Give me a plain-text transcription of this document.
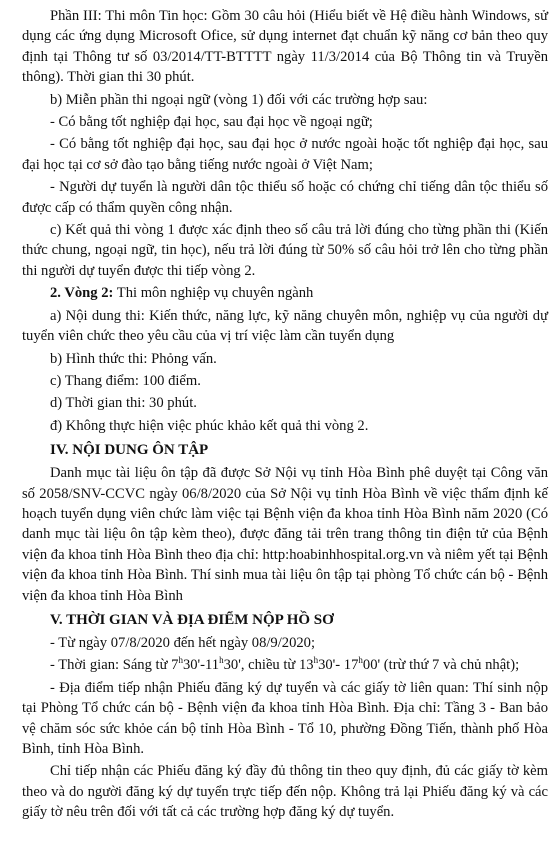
Phần III: Thi môn Tin học: Gồm 30 câu hỏi (Hiểu biết về Hệ điều hành Windows, sử dụng các ứng dụng Microsoft Ofice, sử dụng internet đạt chuẩn kỹ năng cơ bản theo quy định tại Thông tư số 03/2014/TT-BTTTT ngày 11/3/2014 của Bộ Thông tin và Truyền thông). Thời gian thi 30 phút.

b) Miễn phần thi ngoại ngữ (vòng 1) đối với các trường hợp sau:

- Có bằng tốt nghiệp đại học, sau đại học về ngoại ngữ;

- Có bằng tốt nghiệp đại học, sau đại học ở nước ngoài hoặc tốt nghiệp đại học, sau đại học tại cơ sở đào tạo bằng tiếng nước ngoài ở Việt Nam;

- Người dự tuyển là người dân tộc thiểu số hoặc có chứng chỉ tiếng dân tộc thiểu số được cấp có thẩm quyền công nhận.

c) Kết quả thi vòng 1 được xác định theo số câu trả lời đúng cho từng phần thi (Kiến thức chung, ngoại ngữ, tin học), nếu trả lời đúng từ 50% số câu hỏi trở lên cho từng phần thi người dự tuyển được thi tiếp vòng 2.

2. Vòng 2: Thi môn nghiệp vụ chuyên ngành

a) Nội dung thi: Kiến thức, năng lực, kỹ năng chuyên môn, nghiệp vụ của người dự tuyển viên chức theo yêu cầu của vị trí việc làm cần tuyển dụng

b) Hình thức thi: Phỏng vấn.

c) Thang điểm: 100 điểm.

d) Thời gian thi: 30 phút.

đ) Không thực hiện việc phúc khảo kết quả thi vòng 2.

IV. NỘI DUNG ÔN TẬP

Danh mục tài liệu ôn tập đã được Sở Nội vụ tỉnh Hòa Bình phê duyệt tại Công văn số 2058/SNV-CCVC ngày 06/8/2020 của Sở Nội vụ tỉnh Hòa Bình về việc thẩm định kế hoạch tuyển dụng viên chức làm việc tại Bệnh viện đa khoa tỉnh Hòa Bình năm 2020 (Có danh mục tài liệu ôn tập kèm theo), được đăng tải trên trang thông tin điện tử của Bệnh viện đa khoa tỉnh Hòa Bình theo địa chỉ: http:hoabinhhospital.org.vn và niêm yết tại Bệnh viện đa khoa tỉnh Hòa Bình. Thí sinh mua tài liệu ôn tập tại phòng Tổ chức cán bộ - Bệnh viện đa khoa tỉnh Hòa Bình

V. THỜI GIAN VÀ ĐỊA ĐIỂM NỘP HỒ SƠ

- Từ ngày 07/8/2020 đến hết ngày 08/9/2020;

- Thời gian: Sáng từ 7$^h$30'-11$^h$30', chiều từ 13$^h$30'- 17$^h$00' (trừ thứ 7 và chủ nhật);

- Địa điểm tiếp nhận Phiếu đăng ký dự tuyển và các giấy tờ liên quan: Thí sinh nộp tại Phòng Tổ chức cán bộ - Bệnh viện đa khoa tỉnh Hòa Bình. Địa chỉ: Tầng 3 - Ban bảo vệ chăm sóc sức khỏe cán bộ tỉnh Hòa Bình - Tổ 10, phường Đồng Tiến, thành phố Hòa Bình, tỉnh Hòa Bình.

Chỉ tiếp nhận các Phiếu đăng ký đầy đủ thông tin theo quy định, đủ các giấy tờ kèm theo và do người đăng ký dự tuyển trực tiếp đến nộp. Không trả lại Phiếu đăng ký và các giấy tờ nêu trên đối với tất cả các trường hợp đăng ký dự tuyển.
